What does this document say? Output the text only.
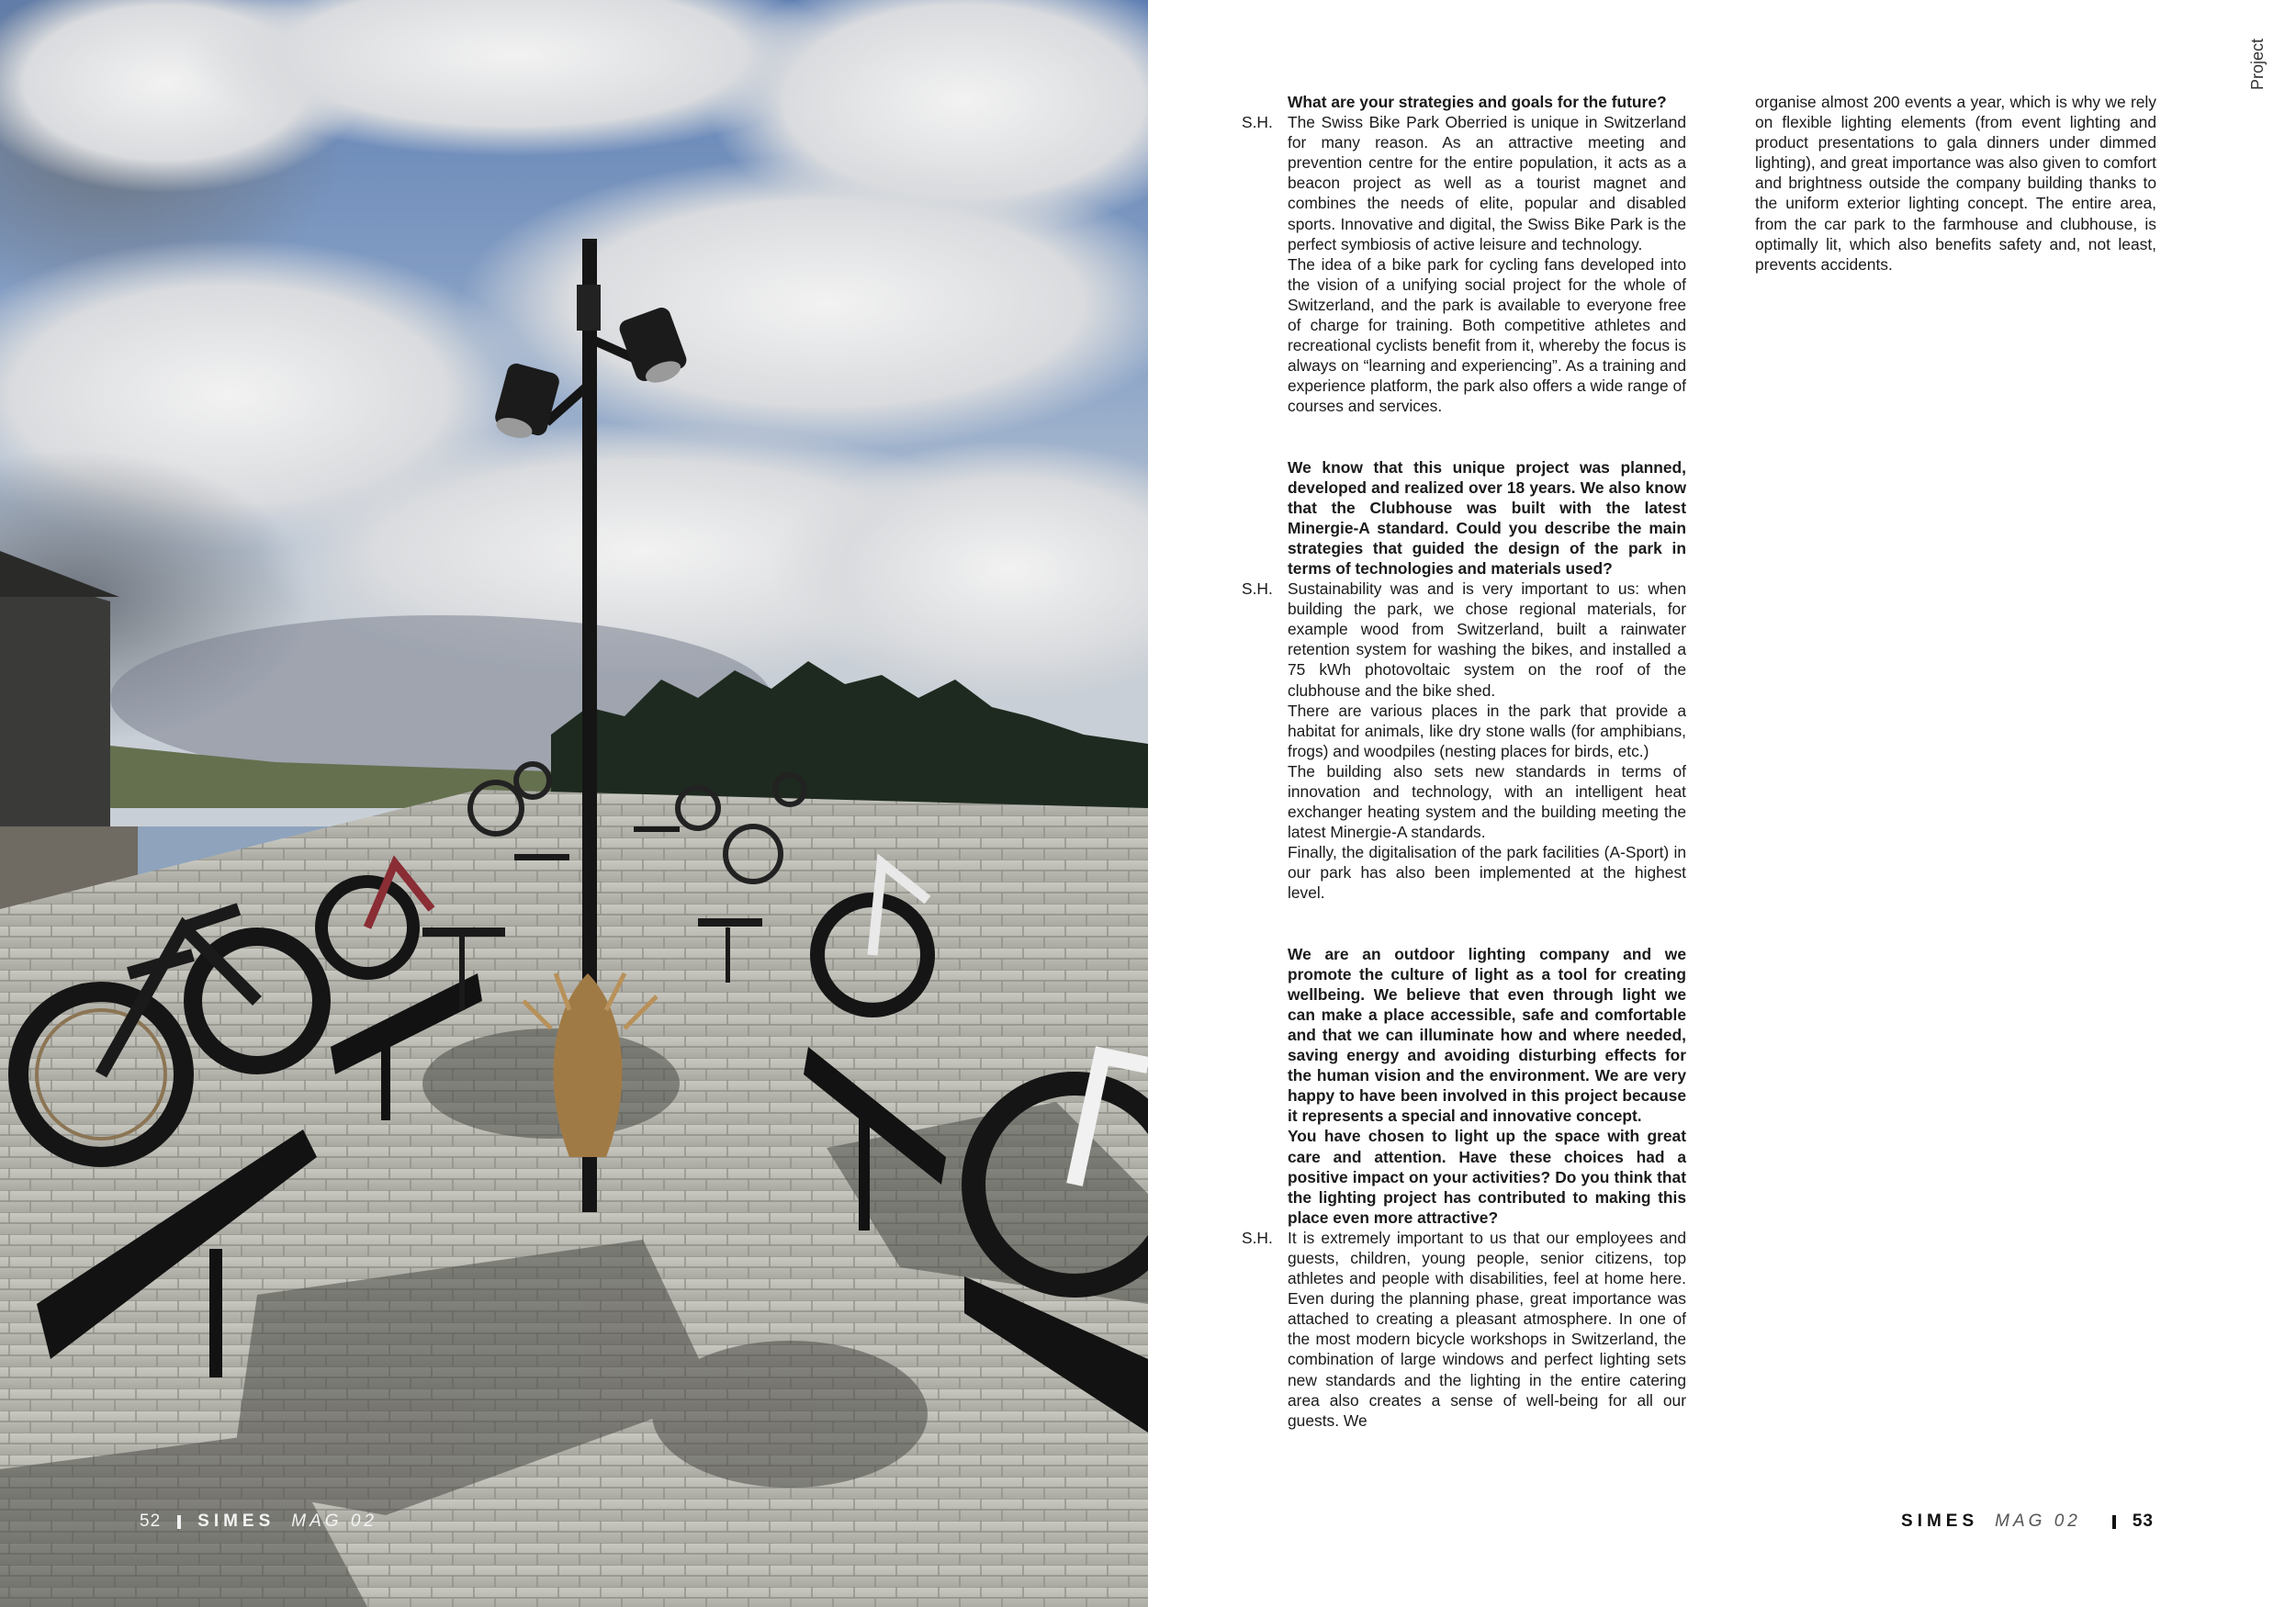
52 SIMES MAG 02
Project

What are your strategies and goals for the future?

S.H. The Swiss Bike Park Oberried is unique in Switzerland for many reason. As an attractive meeting and prevention centre for the entire population, it acts as a beacon project as well as a tourist magnet and combines the needs of elite, popular and disabled sports. Innovative and digital, the Swiss Bike Park is the perfect symbiosis of active leisure and technology.

The idea of a bike park for cycling fans developed into the vision of a unifying social project for the whole of Switzerland, and the park is available to everyone free of charge for training. Both competitive athletes and recreational cyclists benefit from it, whereby the focus is always on “learning and experiencing”. As a training and experience platform, the park also offers a wide range of courses and services.

We know that this unique project was planned, developed and realized over 18 years. We also know that the Clubhouse was built with the latest Minergie-A standard. Could you describe the main strategies that guided the design of the park in terms of technologies and materials used?

S.H. Sustainability was and is very important to us: when building the park, we chose regional materials, for example wood from Switzerland, built a rainwater retention system for washing the bikes, and installed a 75 kWh photovoltaic system on the roof of the clubhouse and the bike shed.

There are various places in the park that provide a habitat for animals, like dry stone walls (for amphibians, frogs) and woodpiles (nesting places for birds, etc.)

The building also sets new standards in terms of innovation and technology, with an intelligent heat exchanger heating system and the building meeting the latest Minergie-A standards.

Finally, the digitalisation of the park facilities (A-Sport) in our park has also been implemented at the highest level.

We are an outdoor lighting company and we promote the culture of light as a tool for creating wellbeing. We believe that even through light we can make a place accessible, safe and comfortable and that we can illuminate how and where needed, saving energy and avoiding disturbing effects for the human vision and the environment. We are very happy to have been involved in this project because it represents a special and innovative concept.

You have chosen to light up the space with great care and attention. Have these choices had a positive impact on your activities? Do you think that the lighting project has contributed to making this place even more attractive?

S.H. It is extremely important to us that our employees and guests, children, young people, senior citizens, top athletes and people with disabilities, feel at home here. Even during the planning phase, great importance was attached to creating a pleasant atmosphere. In one of the most modern bicycle workshops in Switzerland, the combination of large windows and perfect lighting sets new standards and the lighting in the entire catering area also creates a sense of well-being for all our guests. We

organise almost 200 events a year, which is why we rely on flexible lighting elements (from event lighting and product presentations to gala dinners under dimmed lighting), and great importance was also given to comfort and brightness outside the company building thanks to the uniform exterior lighting concept. The entire area, from the car park to the farmhouse and clubhouse, is optimally lit, which also benefits safety and, not least, prevents accidents.

SIMES MAG 02	53
